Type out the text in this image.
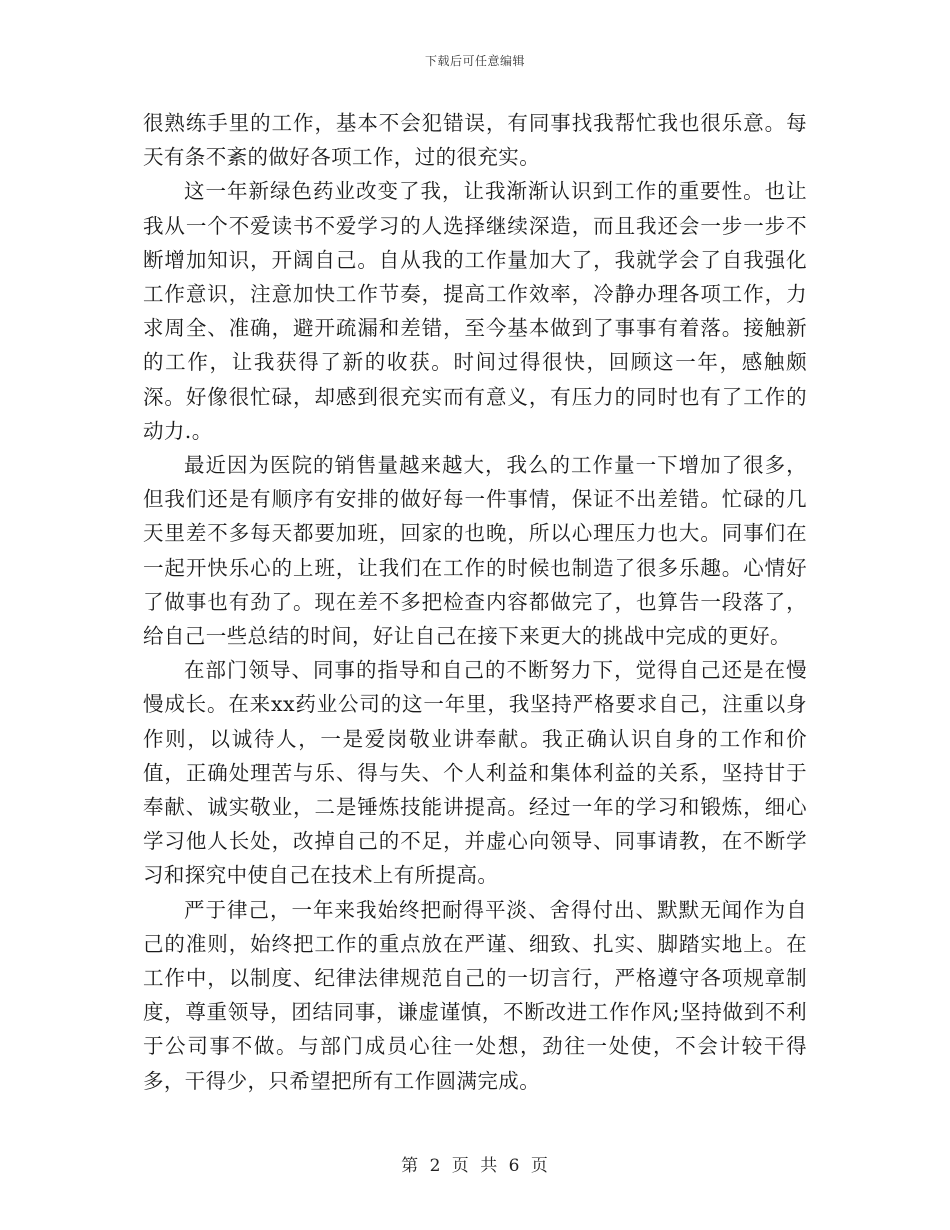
下载后可任意编辑

很熟练手里的工作，基本不会犯错误，有同事找我帮忙我也很乐意。每天有条不紊的做好各项工作，过的很充实。

这一年新绿色药业改变了我，让我渐渐认识到工作的重要性。也让我从一个不爱读书不爱学习的人选择继续深造，而且我还会一步一步不断增加知识，开阔自己。自从我的工作量加大了，我就学会了自我强化工作意识，注意加快工作节奏，提高工作效率，冷静办理各项工作，力求周全、准确，避开疏漏和差错，至今基本做到了事事有着落。接触新的工作，让我获得了新的收获。时间过得很快，回顾这一年，感触颇深。好像很忙碌，却感到很充实而有意义，有压力的同时也有了工作的动力.。

最近因为医院的销售量越来越大，我么的工作量一下增加了很多，但我们还是有顺序有安排的做好每一件事情，保证不出差错。忙碌的几天里差不多每天都要加班，回家的也晚，所以心理压力也大。同事们在一起开快乐心的上班，让我们在工作的时候也制造了很多乐趣。心情好了做事也有劲了。现在差不多把检查内容都做完了，也算告一段落了，给自己一些总结的时间，好让自己在接下来更大的挑战中完成的更好。

在部门领导、同事的指导和自己的不断努力下，觉得自己还是在慢慢成长。在来xx药业公司的这一年里，我坚持严格要求自己，注重以身作则，以诚待人，一是爱岗敬业讲奉献。我正确认识自身的工作和价值，正确处理苦与乐、得与失、个人利益和集体利益的关系，坚持甘于奉献、诚实敬业，二是锤炼技能讲提高。经过一年的学习和锻炼，细心学习他人长处，改掉自己的不足，并虚心向领导、同事请教，在不断学习和探究中使自己在技术上有所提高。

严于律己，一年来我始终把耐得平淡、舍得付出、默默无闻作为自己的准则，始终把工作的重点放在严谨、细致、扎实、脚踏实地上。在工作中，以制度、纪律法律规范自己的一切言行，严格遵守各项规章制度，尊重领导，团结同事，谦虚谨慎，不断改进工作作风;坚持做到不利于公司事不做。与部门成员心往一处想，劲往一处使，不会计较干得多，干得少，只希望把所有工作圆满完成。

第 2 页 共 6 页
